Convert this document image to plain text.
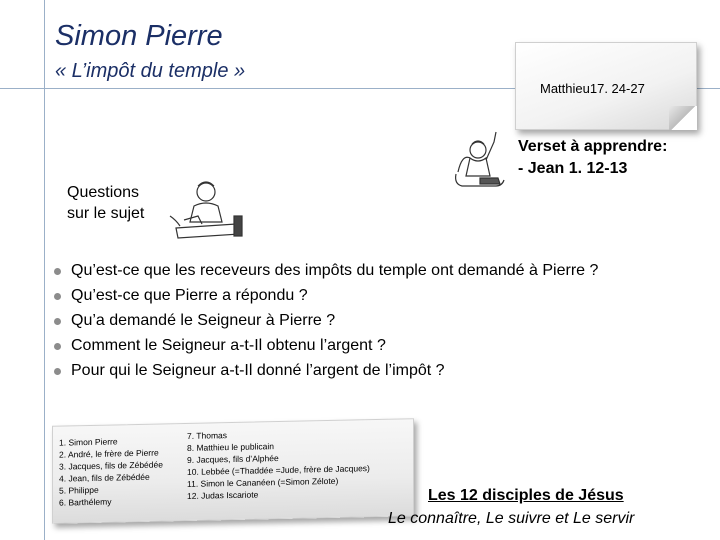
Simon Pierre
« L’impôt du temple »
Matthieu17. 24-27
Verset à apprendre:
- Jean 1. 12-13
Questions
sur le sujet
Qu’est-ce que les receveurs des impôts du temple ont demandé à Pierre ?
Qu’est-ce que Pierre a répondu ?
Qu’a demandé le Seigneur à Pierre ?
Comment le Seigneur a-t-Il obtenu l’argent ?
Pour qui le Seigneur a-t-Il donné l’argent de l’impôt ?
1. Simon Pierre
2. André, le frère de Pierre
3. Jacques, fils de Zébédée
4. Jean, fils de Zébédée
5. Philippe
6. Barthélemy
7. Thomas
8. Matthieu le publicain
9. Jacques, fils d’Alphée
10. Lebbée (=Thaddée =Jude, frère de Jacques)
11. Simon le Cananéen (=Simon Zélote)
12. Judas Iscariote	Les 12 disciples de Jésus
Le connaître, Le suivre et Le servir
